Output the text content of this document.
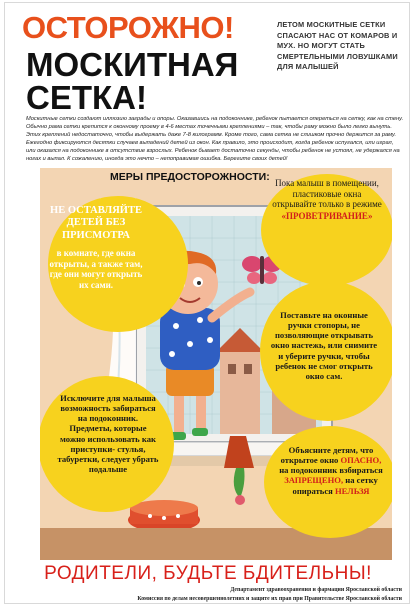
ОСТОРОЖНО!
МОСКИТНАЯ
СЕТКА!
ЛЕТОМ МОСКИТНЫЕ СЕТКИ СПАСАЮТ НАС ОТ КОМАРОВ И МУХ. НО МОГУТ СТАТЬ СМЕРТЕЛЬНЫМИ ЛОВУШКАМИ ДЛЯ МАЛЫШЕЙ
Москитные сетки создают иллюзию заграды и опоры. Оказавшись на подоконнике, ребенок пытается опереться на сетку, как на стену. Обычно рама сетки крепится к оконному проему в 4-6 местах точечными креплениями – так, чтобы раму можно было легко вынуть. Этих креплений недостаточно, чтобы выдержать даже 7-8 килограмм. Кроме того, сама сетка не слишком прочно держится за раму. Ежегодно фиксируются десятки случаев выпадений детей из окон. Как правило, это происходит, когда ребенок испугался, или играл, или оказался на подоконнике в отсутствие взрослых. Ребенок бывает достаточно секунды, чтобы ребенок не устоял, не удержался на ногах и выпал. К сожалению, иногда это нечто – непоправимая ошибка. Берегите своих детей!
МЕРЫ ПРЕДОСТОРОЖНОСТИ:
НЕ ОСТАВЛЯЙТЕ ДЕТЕЙ БЕЗ ПРИСМОТРА
в комнате, где окна открыты, а также там, где они могут открыть их сами.
Пока малыш в помещении, пластиковые окна открывайте только в режиме
«ПРОВЕТРИВАНИЕ»
Поставьте на оконные ручки стопоры, не позволяющие открывать окно настежь, или снимите и уберите ручки, чтобы ребенок не смог открыть окно сам.
Исключите для малыша возможность забираться на подоконник. Предметы, которые можно использовать как приступки- стулья, табуретки, следует убрать подальше
Объясните детям, что открытое окно ОПАСНО, на подоконник взбираться ЗАПРЕЩЕНО, на сетку опираться НЕЛЬЗЯ
РОДИТЕЛИ, БУДЬТЕ БДИТЕЛЬНЫ!
Департамент здравоохранения и фармации Ярославской области
Комиссия по делам несовершеннолетних и защите их прав при Правительстве Ярославской области
